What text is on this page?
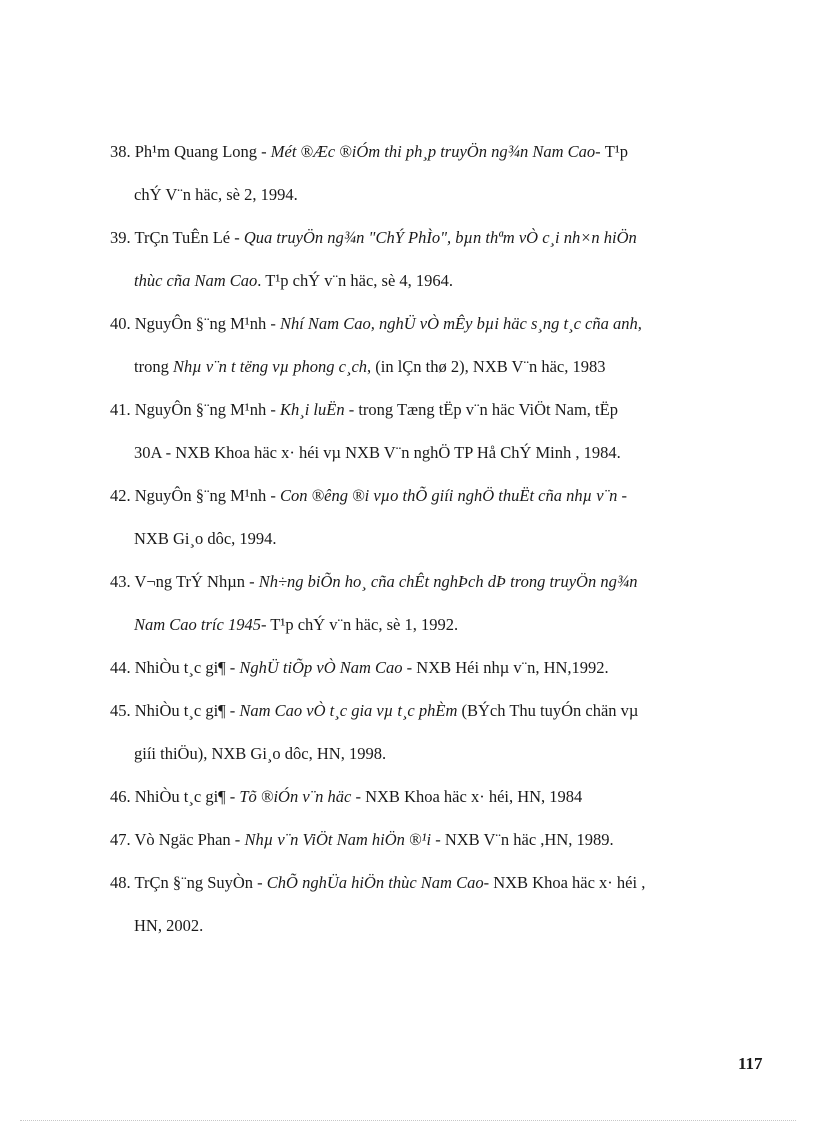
38. Ph¹m Quang Long - Mét ®Æc ®iÓm thi ph¸p truyÖn ng¾n Nam Cao- T¹p
chÝ V¨n häc, sè 2, 1994.
39. TrÇn TuÊn Lé - Qua truyÖn ng¾n "ChÝ PhÌo", bµn thªm vÒ c¸i nh×n hiÖn
thùc cña Nam Cao. T¹p chÝ v¨n häc, sè 4, 1964.
40. NguyÔn §¨ng M¹nh - Nhí Nam Cao, nghÜ vÒ mÊy bµi häc s¸ng t¸c cña anh,
trong Nhµ v¨n t tëng vµ phong c¸ch, (in lÇn thø 2), NXB V¨n häc, 1983
41. NguyÔn §¨ng M¹nh - Kh¸i luËn - trong Tæng tËp v¨n häc ViÖt Nam, tËp
30A - NXB Khoa häc x· héi vµ NXB V¨n nghÖ TP Hå ChÝ Minh , 1984.
42. NguyÔn §¨ng M¹nh - Con ®êng ®i vµo thÕ giíi nghÖ thuËt cña nhµ v¨n -
NXB Gi¸o dôc, 1994.
43. V¬ng TrÝ Nhµn - Nh÷ng biÕn ho¸ cña chÊt nghÞch dÞ trong truyÖn ng¾n
Nam Cao tríc 1945- T¹p chÝ v¨n häc, sè 1, 1992.
44. NhiÒu t¸c gi¶ - NghÜ tiÕp vÒ Nam Cao - NXB Héi nhµ v¨n, HN,1992.
45. NhiÒu t¸c gi¶ - Nam Cao vÒ t¸c gia vµ t¸c phÈm (BÝch Thu tuyÓn chän vµ
giíi thiÖu), NXB Gi¸o dôc, HN, 1998.
46. NhiÒu t¸c gi¶ - Tõ ®iÓn v¨n häc - NXB Khoa häc x· héi, HN, 1984
47. Vò Ngäc Phan - Nhµ v¨n ViÖt Nam hiÖn ®¹i - NXB V¨n häc ,HN, 1989.
48. TrÇn §¨ng SuyÒn - ChÕ nghÜa hiÖn thùc Nam Cao- NXB Khoa häc x· héi ,
HN, 2002.
117
